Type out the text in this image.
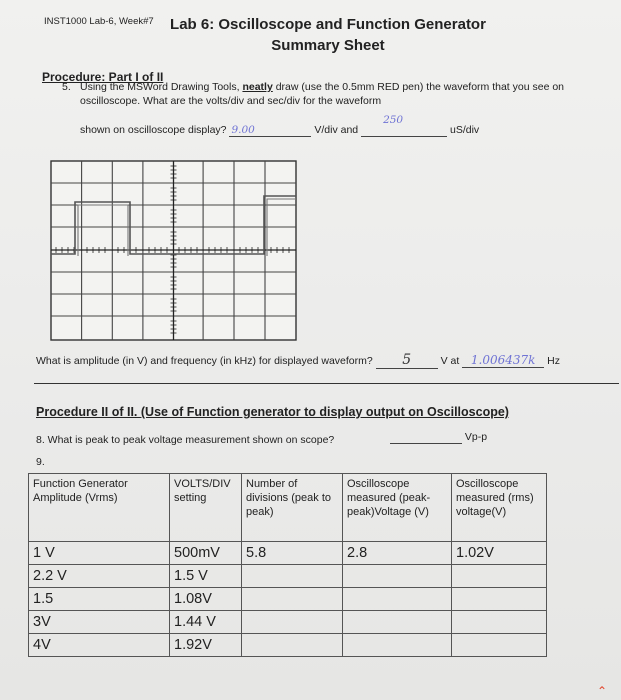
INST1000 Lab-6, Week#7 Lab 6: Oscilloscope and Function Generator
Summary Sheet
Procedure: Part I of II
5. Using the MSWord Drawing Tools, neatly draw (use the 0.5mm RED pen) the waveform that you see on oscilloscope. What are the volts/div and sec/div for the waveform
shown on oscilloscope display? 9.00	V/div and
250
uS/div
What is amplitude (in V) and frequency (in kHz) for displayed waveform? 5	V at 1.006437k Hz
Procedure II of II. (Use of Function generator to display output on Oscilloscope)
8. What is peak to peak voltage measurement shown on scope?	Vp-p
9.
Function Generator Amplitude (Vrms)	VOLTS/DIV setting	Number of divisions (peak to peak)	Oscilloscope measured (peak-peak)Voltage (V)	Oscilloscope measured (rms) voltage(V)
1 V	500mV	5.8	2.8	1.02V
2.2 V	1.5 V			
1.5	1.08V			
3V	1.44 V			
4V	1.92V			
⌃
